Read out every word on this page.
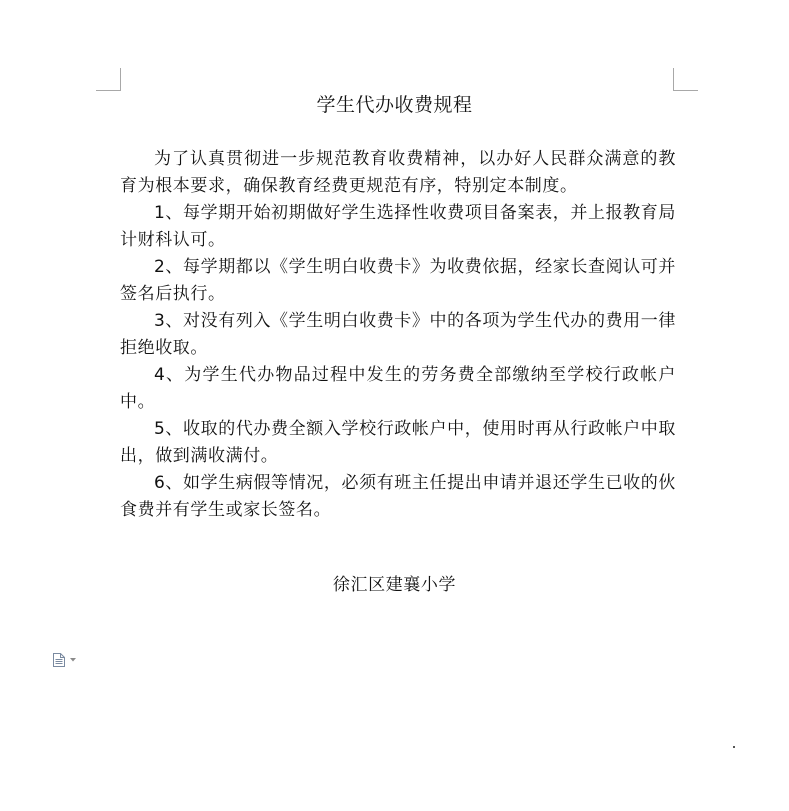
学生代办收费规程

为了认真贯彻进一步规范教育收费精神，以办好人民群众满意的教育为根本要求，确保教育经费更规范有序，特别定本制度。

1、每学期开始初期做好学生选择性收费项目备案表，并上报教育局计财科认可。

2、每学期都以《学生明白收费卡》为收费依据，经家长查阅认可并签名后执行。

3、对没有列入《学生明白收费卡》中的各项为学生代办的费用一律拒绝收取。

4、为学生代办物品过程中发生的劳务费全部缴纳至学校行政帐户中。

5、收取的代办费全额入学校行政帐户中，使用时再从行政帐户中取出，做到满收满付。

6、如学生病假等情况，必须有班主任提出申请并退还学生已收的伙食费并有学生或家长签名。

徐汇区建襄小学
